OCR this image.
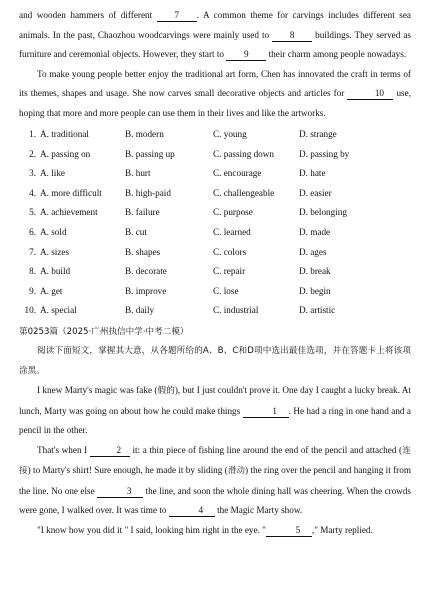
and wooden hammers of different 7 . A common theme for carvings includes different sea animals. In the past, Chaozhou woodcarvings were mainly used to 8 buildings. They served as furniture and ceremonial objects. However, they start to 9 their charm among people nowadays.

To make young people better enjoy the traditional art form, Chen has innovated the craft in terms of its themes, shapes and usage. She now carves small decorative objects and articles for	10 use, hoping that more and more people can use them in their lives and like the artworks.

1. A. traditional	B. modern	C. young	D. strange
2. A. passing on	B. passing up	C. passing down	D. passing by
3. A. like	B. hurt	C. encourage	D. hate
4. A. more difficult	B. high-paid	C. challengeable	D. easier
5. A. achievement	B. failure	C. purpose	D. belonging
6. A. sold	B. cut	C. learned	D. made
7. A. sizes	B. shapes	C. colors	D. ages
8. A. build	B. decorate	C. repair	D. break
9. A. get	B. improve	C. lose	D. begin
10. A. special	B. daily	C. industrial	D. artistic

第0253篇（2025·广州执信中学·中考二模）

阅读下面短文，掌握其大意，从各题所给的A、B、C和D项中选出最佳选项，并在答题卡上将该项涂黑。

I knew Marty's magic was fake (假的), but I just couldn't prove it. One day I caught a lucky break. At lunch, Marty was going on about how he could make things	1 . He had a ring in one hand and a pencil in the other.

That's when I	2 it: a thin piece of fishing line around the end of the pencil and attached (连接) to Marty's shirt! Sure enough, he made it by sliding (滑动) the ring over the pencil and hanging it from the line. No one else	3 the line, and soon the whole dining hall was cheering. When the crowds were gone, I walked over. It was time to	4 the Magic Marty show.

"I know how you did it " I said, looking him right in the eye. "	5 ," Marty replied.
